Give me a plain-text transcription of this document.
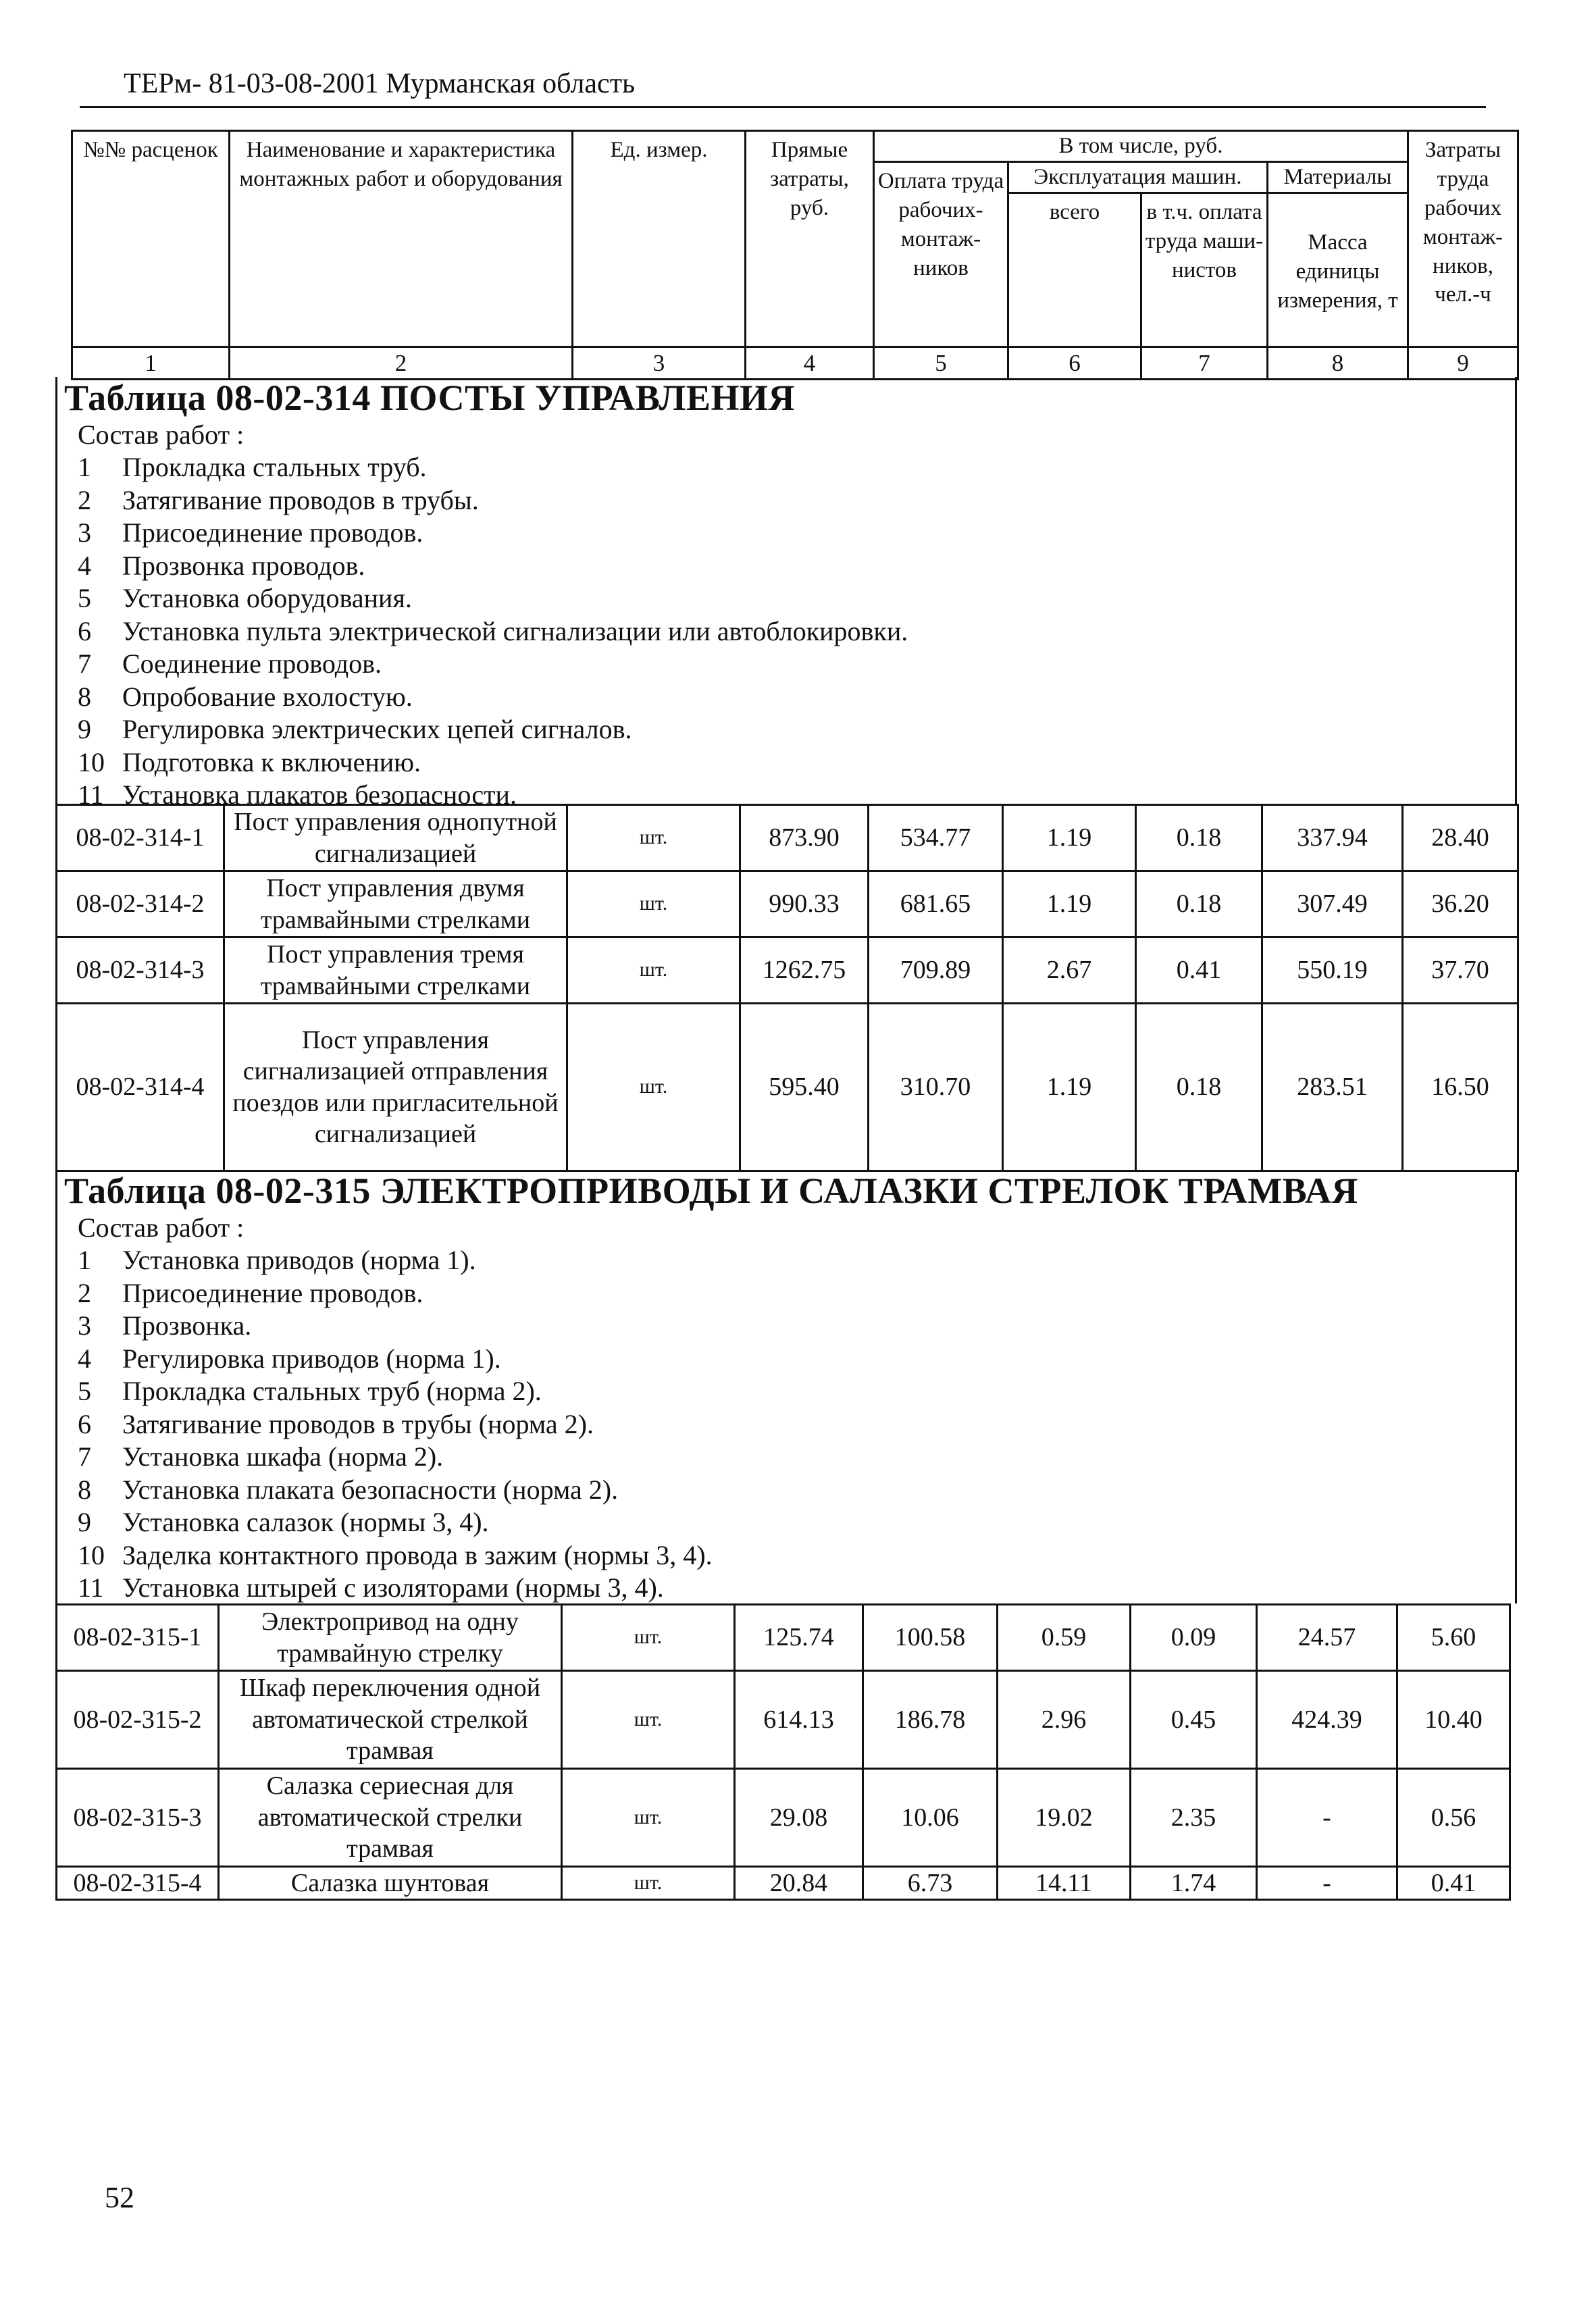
ТЕРм- 81-03-08-2001 Мурманская область
№№ расценок	Наименование и характеристика монтажных работ и оборудования	Ед. измер.	Прямые затраты, руб.	В том числе, руб.				Затраты труда рабочих монтаж-ников, чел.-ч
				Оплата труда рабочих-монтаж-ников	Эксплуатация машин.		Материалы	
					всего	в т.ч. оплата труда маши-нистов	Масса единицы измерения, т	
1	2	3	4	5	6	7	8	9
Таблица 08-02-314 ПОСТЫ УПРАВЛЕНИЯ
Состав работ :
1	Прокладка стальных труб.
2	Затягивание проводов в трубы.
3	Присоединение проводов.
4	Прозвонка проводов.
5	Установка оборудования.
6	Установка пульта электрической сигнализации или автоблокировки.
7	Соединение проводов.
8	Опробование вхолостую.
9	Регулировка электрических цепей сигналов.
10 Подготовка к включению.
11 Установка плакатов безопасности.
08-02-314-1	Пост управления однопутной сигнализацией	шт.	873.90	534.77	1.19	0.18	337.94	28.40
08-02-314-2	Пост управления двумя трамвайными стрелками	шт.	990.33	681.65	1.19	0.18	307.49	36.20
08-02-314-3	Пост управления тремя трамвайными стрелками	шт.	1262.75	709.89	2.67	0.41	550.19	37.70
08-02-314-4	Пост управления сигнализацией отправления поездов или пригласительной сигнализацией	шт.	595.40	310.70	1.19	0.18	283.51	16.50
Таблица 08-02-315 ЭЛЕКТРОПРИВОДЫ И САЛАЗКИ СТРЕЛОК ТРАМВАЯ
Состав работ :
1	Установка приводов (норма 1).
2	Присоединение проводов.
3	Прозвонка.
4	Регулировка приводов (норма 1).
5	Прокладка стальных труб (норма 2).
6	Затягивание проводов в трубы (норма 2).
7	Установка шкафа (норма 2).
8	Установка плаката безопасности (норма 2).
9	Установка салазок (нормы 3, 4).
10 Заделка контактного провода в зажим (нормы 3, 4).
11 Установка штырей с изоляторами (нормы 3, 4).
08-02-315-1	Электропривод на одну трамвайную стрелку	шт.	125.74	100.58	0.59	0.09	24.57	5.60
08-02-315-2	Шкаф переключения одной автоматической стрелкой трамвая	шт.	614.13	186.78	2.96	0.45	424.39	10.40
08-02-315-3	Салазка сериесная для автоматической стрелки трамвая	шт.	29.08	10.06	19.02	2.35	-	0.56
08-02-315-4	Салазка шунтовая	шт.	20.84	6.73	14.11	1.74	-	0.41
52
